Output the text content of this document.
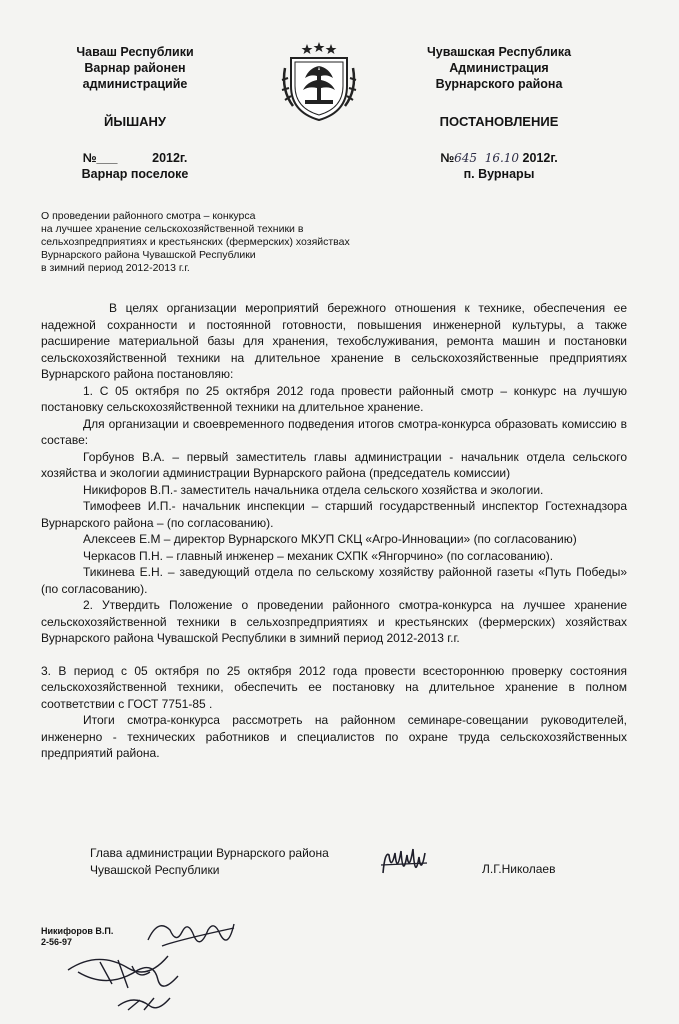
Чаваш Республики
Варнар районен
администрацийе
ЙЫШАНУ
№___          2012г.
Варнар поселоке
Чувашская Республика
Администрация
Вурнарского района
ПОСТАНОВЛЕНИЕ
№645  16.10 2012г.
п. Вурнары
О проведении районного смотра – конкурса
на лучшее хранение сельскохозяйственной техники в
сельхозпредприятиях и крестьянских (фермерских) хозяйствах
Вурнарского района Чувашской Республики
в зимний период 2012-2013 г.г.

В целях организации мероприятий бережного отношения к технике, обеспечения ее надежной сохранности и постоянной готовности, повышения инженерной культуры, а также расширение материальной базы для хранения, техобслуживания, ремонта машин и постановки сельскохозяйственной техники на длительное хранение в сельскохозяйственные предприятиях Вурнарского района постановляю:

1. С 05 октября по 25 октября 2012 года провести районный смотр – конкурс на лучшую постановку сельскохозяйственной техники на длительное хранение.

Для организации и своевременного подведения итогов смотра-конкурса образовать комиссию в составе:

Горбунов В.А. – первый заместитель главы администрации - начальник отдела сельского хозяйства и экологии администрации Вурнарского района (председатель комиссии)

Никифоров В.П.- заместитель начальника отдела сельского хозяйства и экологии.

Тимофеев И.П.- начальник инспекции – старший государственный инспектор Гостехнадзора Вурнарского района – (по согласованию).

Алексеев Е.М – директор Вурнарского МКУП СКЦ «Агро-Инновации» (по согласованию)

Черкасов П.Н. – главный инженер – механик СХПК «Янгорчино» (по согласованию).

Тикинева Е.Н. – заведующий отдела по сельскому хозяйству районной газеты «Путь Победы» (по согласованию).

2. Утвердить Положение о проведении районного смотра-конкурса на лучшее хранение сельскохозяйственной техники в сельхозпредприятиях и крестьянских (фермерских) хозяйствах Вурнарского района Чувашской Республики в зимний период 2012-2013 г.г.

3. В период с 05 октября по 25 октября 2012 года провести всестороннюю проверку состояния сельскохозяйственной техники, обеспечить ее постановку на длительное хранение в полном соответствии с ГОСТ 7751-85 .

Итоги смотра-конкурса рассмотреть на районном семинаре-совещании руководителей, инженерно - технических работников и специалистов по охране труда сельскохозяйственных предприятий района.

Глава администрации Вурнарского района
Чувашской Республики	Л.Г.Николаев
Никифоров В.П.
2-56-97
